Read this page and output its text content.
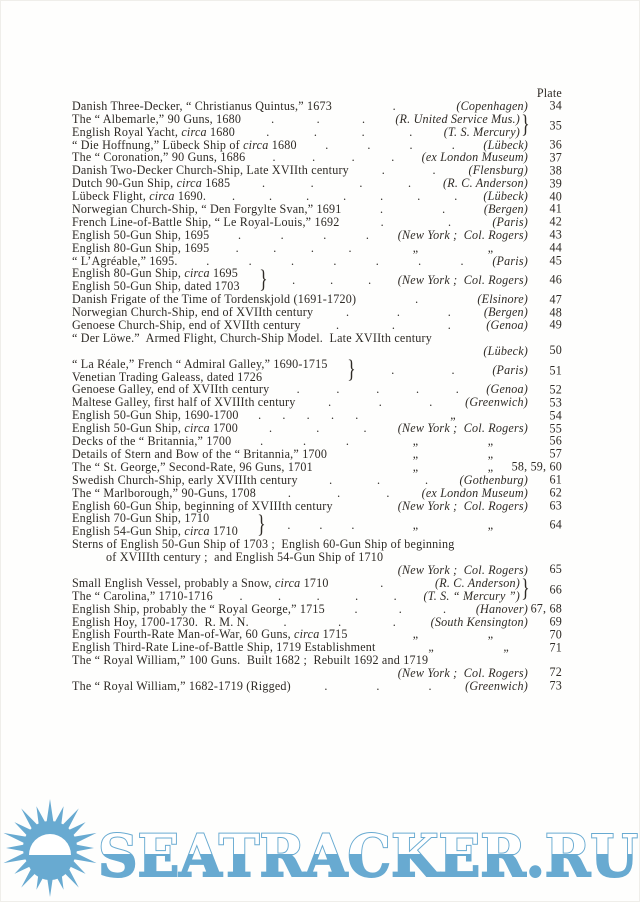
Plate
Danish Three-Decker, “ Christianus Quintus,” 1673	.	(Copenhagen) 34
The “ Albemarle,” 90 Guns, 1680 .	.	. (R. United Service Mus.)
English Royal Yacht, circa 1680	.	.	.	.	(T. S. Mercury) } 35
“ Die Hoffnung,” Lübeck Ship of circa 1680 .	.	.	. (Lübeck) 36
The “ Coronation,” 90 Guns, 1686 .	.	.	. (ex London Museum) 37
Danish Two-Decker Church-Ship, Late XVIIth century	.	.	(Flensburg) 38
Dutch 90-Gun Ship, circa 1685	.	.	.	.	(R. C. Anderson) 39
Lübeck Flight, circa 1690. .	.	.	.	.	.	. (Lübeck) 40
Norwegian Church-Ship, “ Den Forgylte Svan,” 1691	.	.	(Bergen) 41
French Line-of-Battle Ship, “ Le Royal-Louis,” 1692	.	.	(Paris) 42
English 50-Gun Ship, 1695 .	.	.	. (New York ;  Col. Rogers) 43
English 80-Gun Ship, 1695 .	.	.	.	„	„	44
“ L’Agréable,” 1695. .	.	.	.	.	.	. (Paris) 45
English 80-Gun Ship, circa 1695
English 50-Gun Ship, dated 1703 } .	.	. (New York ;  Col. Rogers) 46
Danish Frigate of the Time of Tordenskjold (1691-1720)	.	(Elsinore) 47
Norwegian Church-Ship, end of XVIIth century	.	.	.	(Bergen) 48
Genoese Church-Ship, end of XVIIth century	.	.	.	(Genoa) 49
“ Der Löwe.”  Armed Flight, Church-Ship Model.  Late XVIIth century
(Lübeck) 50
“ La Réale,” French “ Admiral Galley,” 1690-1715
Venetian Trading Galeass, dated 1726	}	.	.	(Paris) 51
Genoese Galley, end of XVIIth century .	.	.	.	. (Genoa) 52
Maltese Galley, first half of XVIIIth century	.	.	.	(Greenwich) 53
English 50-Gun Ship, 1690-1700 . . . . .	„	54
English 50-Gun Ship, circa 1700	.	.	.	(New York ;  Col. Rogers) 55
Decks of the “ Britannia,” 1700 .	.	.	„	„	56
Details of Stern and Bow of the “ Britannia,” 1700	„	„	57
The “ St. George,” Second-Rate, 96 Guns, 1701	„	„ 58, 59, 60
Swedish Church-Ship, early XVIIIth century	.	.	.	(Gothenburg) 61
The “ Marlborough,” 90-Guns, 1708	.	.	.	(ex London Museum) 62
English 60-Gun Ship, beginning of XVIIIth century	(New York ;  Col. Rogers) 63
English 70-Gun Ship, 1710
English 54-Gun Ship, circa 1710 } . . .	„	„	64
Sterns of English 50-Gun Ship of 1703 ;  English 60-Gun Ship of beginning
of XVIIIth century ;  and English 54-Gun Ship of 1710
(New York ;  Col. Rogers) 65
Small English Vessel, probably a Snow, circa 1710	.	(R. C. Anderson)
The “ Carolina,” 1710-1716 .	.	.	.	. (T. S. “ Mercury ”) } 66
English Ship, probably the “ Royal George,” 1715 .	.	. (Hanover) 67, 68
English Hoy, 1700-1730.  R. M. N.	.	.	.	(South Kensington) 69
English Fourth-Rate Man-of-War, 60 Guns, circa 1715	„	„	70
English Third-Rate Line-of-Battle Ship, 1719 Establishment	„	„	71
The “ Royal William,” 100 Guns.  Built 1682 ;  Rebuilt 1692 and 1719
(New York ;  Col. Rogers) 72
The “ Royal William,” 1682-1719 (Rigged)	.	.	.	(Greenwich) 73
SEATRACKER.RU
